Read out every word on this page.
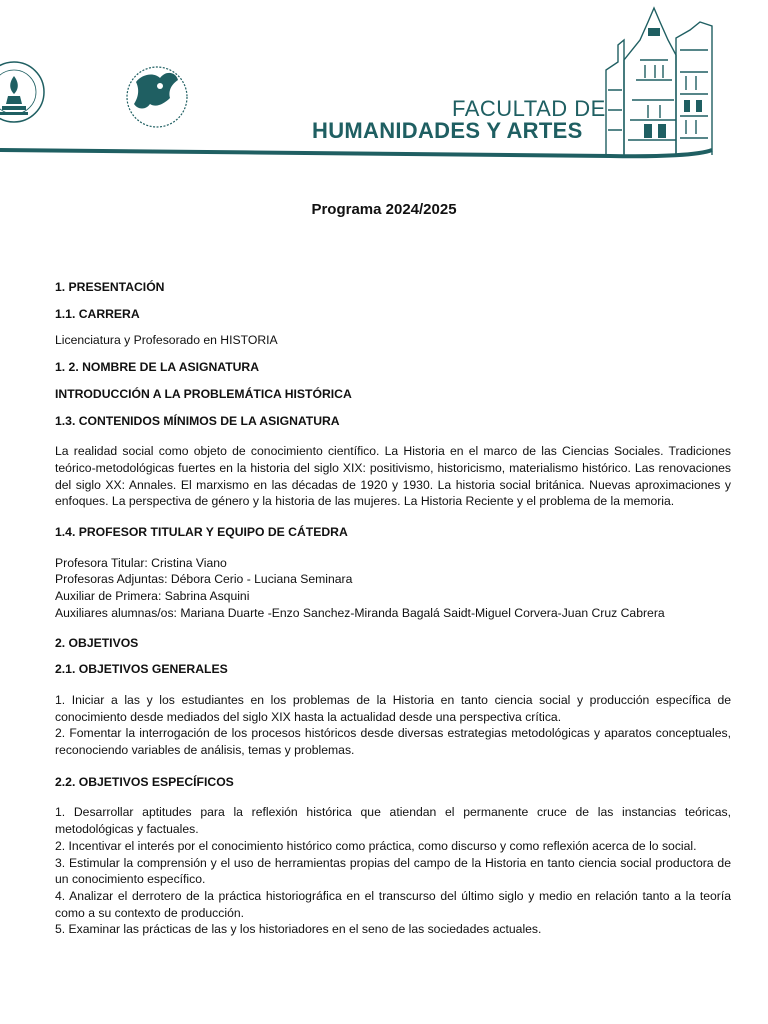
FACULTAD DE
HUMANIDADES Y ARTES
Programa 2024/2025

1. PRESENTACIÓN

1.1. CARRERA

Licenciatura y Profesorado en HISTORIA

1. 2. NOMBRE DE LA ASIGNATURA

INTRODUCCIÓN A LA PROBLEMÁTICA HISTÓRICA

1.3. CONTENIDOS MÍNIMOS DE LA ASIGNATURA

La realidad social como objeto de conocimiento científico. La Historia en el marco de las Ciencias Sociales. Tradiciones teórico-metodológicas fuertes en la historia del siglo XIX: positivismo, historicismo, materialismo histórico. Las renovaciones del siglo XX: Annales. El marxismo en las décadas de 1920 y 1930. La historia social británica. Nuevas aproximaciones y enfoques. La perspectiva de género y la historia de las mujeres. La Historia Reciente y el problema de la memoria.

1.4. PROFESOR TITULAR Y EQUIPO DE CÁTEDRA

Profesora Titular: Cristina Viano

Profesoras Adjuntas: Débora Cerio - Luciana Seminara

Auxiliar de Primera: Sabrina Asquini

Auxiliares alumnas/os: Mariana Duarte -Enzo Sanchez-Miranda Bagalá Saidt-Miguel Corvera-Juan Cruz Cabrera

2. OBJETIVOS

2.1. OBJETIVOS GENERALES

1. Iniciar a las y los estudiantes en los problemas de la Historia en tanto ciencia social y producción específica de conocimiento desde mediados del siglo XIX hasta la actualidad desde una perspectiva crítica.

2. Fomentar la interrogación de los procesos históricos desde diversas estrategias metodológicas y aparatos conceptuales, reconociendo variables de análisis, temas y problemas.

2.2. OBJETIVOS ESPECÍFICOS

1. Desarrollar aptitudes para la reflexión histórica que atiendan el permanente cruce de las instancias teóricas, metodológicas y factuales.

2. Incentivar el interés por el conocimiento histórico como práctica, como discurso y como reflexión acerca de lo social.

3. Estimular la comprensión y el uso de herramientas propias del campo de la Historia en tanto ciencia social productora de un conocimiento específico.

4. Analizar el derrotero de la práctica historiográfica en el transcurso del último siglo y medio en relación tanto a la teoría como a su contexto de producción.

5. Examinar las prácticas de las y los historiadores en el seno de las sociedades actuales.
